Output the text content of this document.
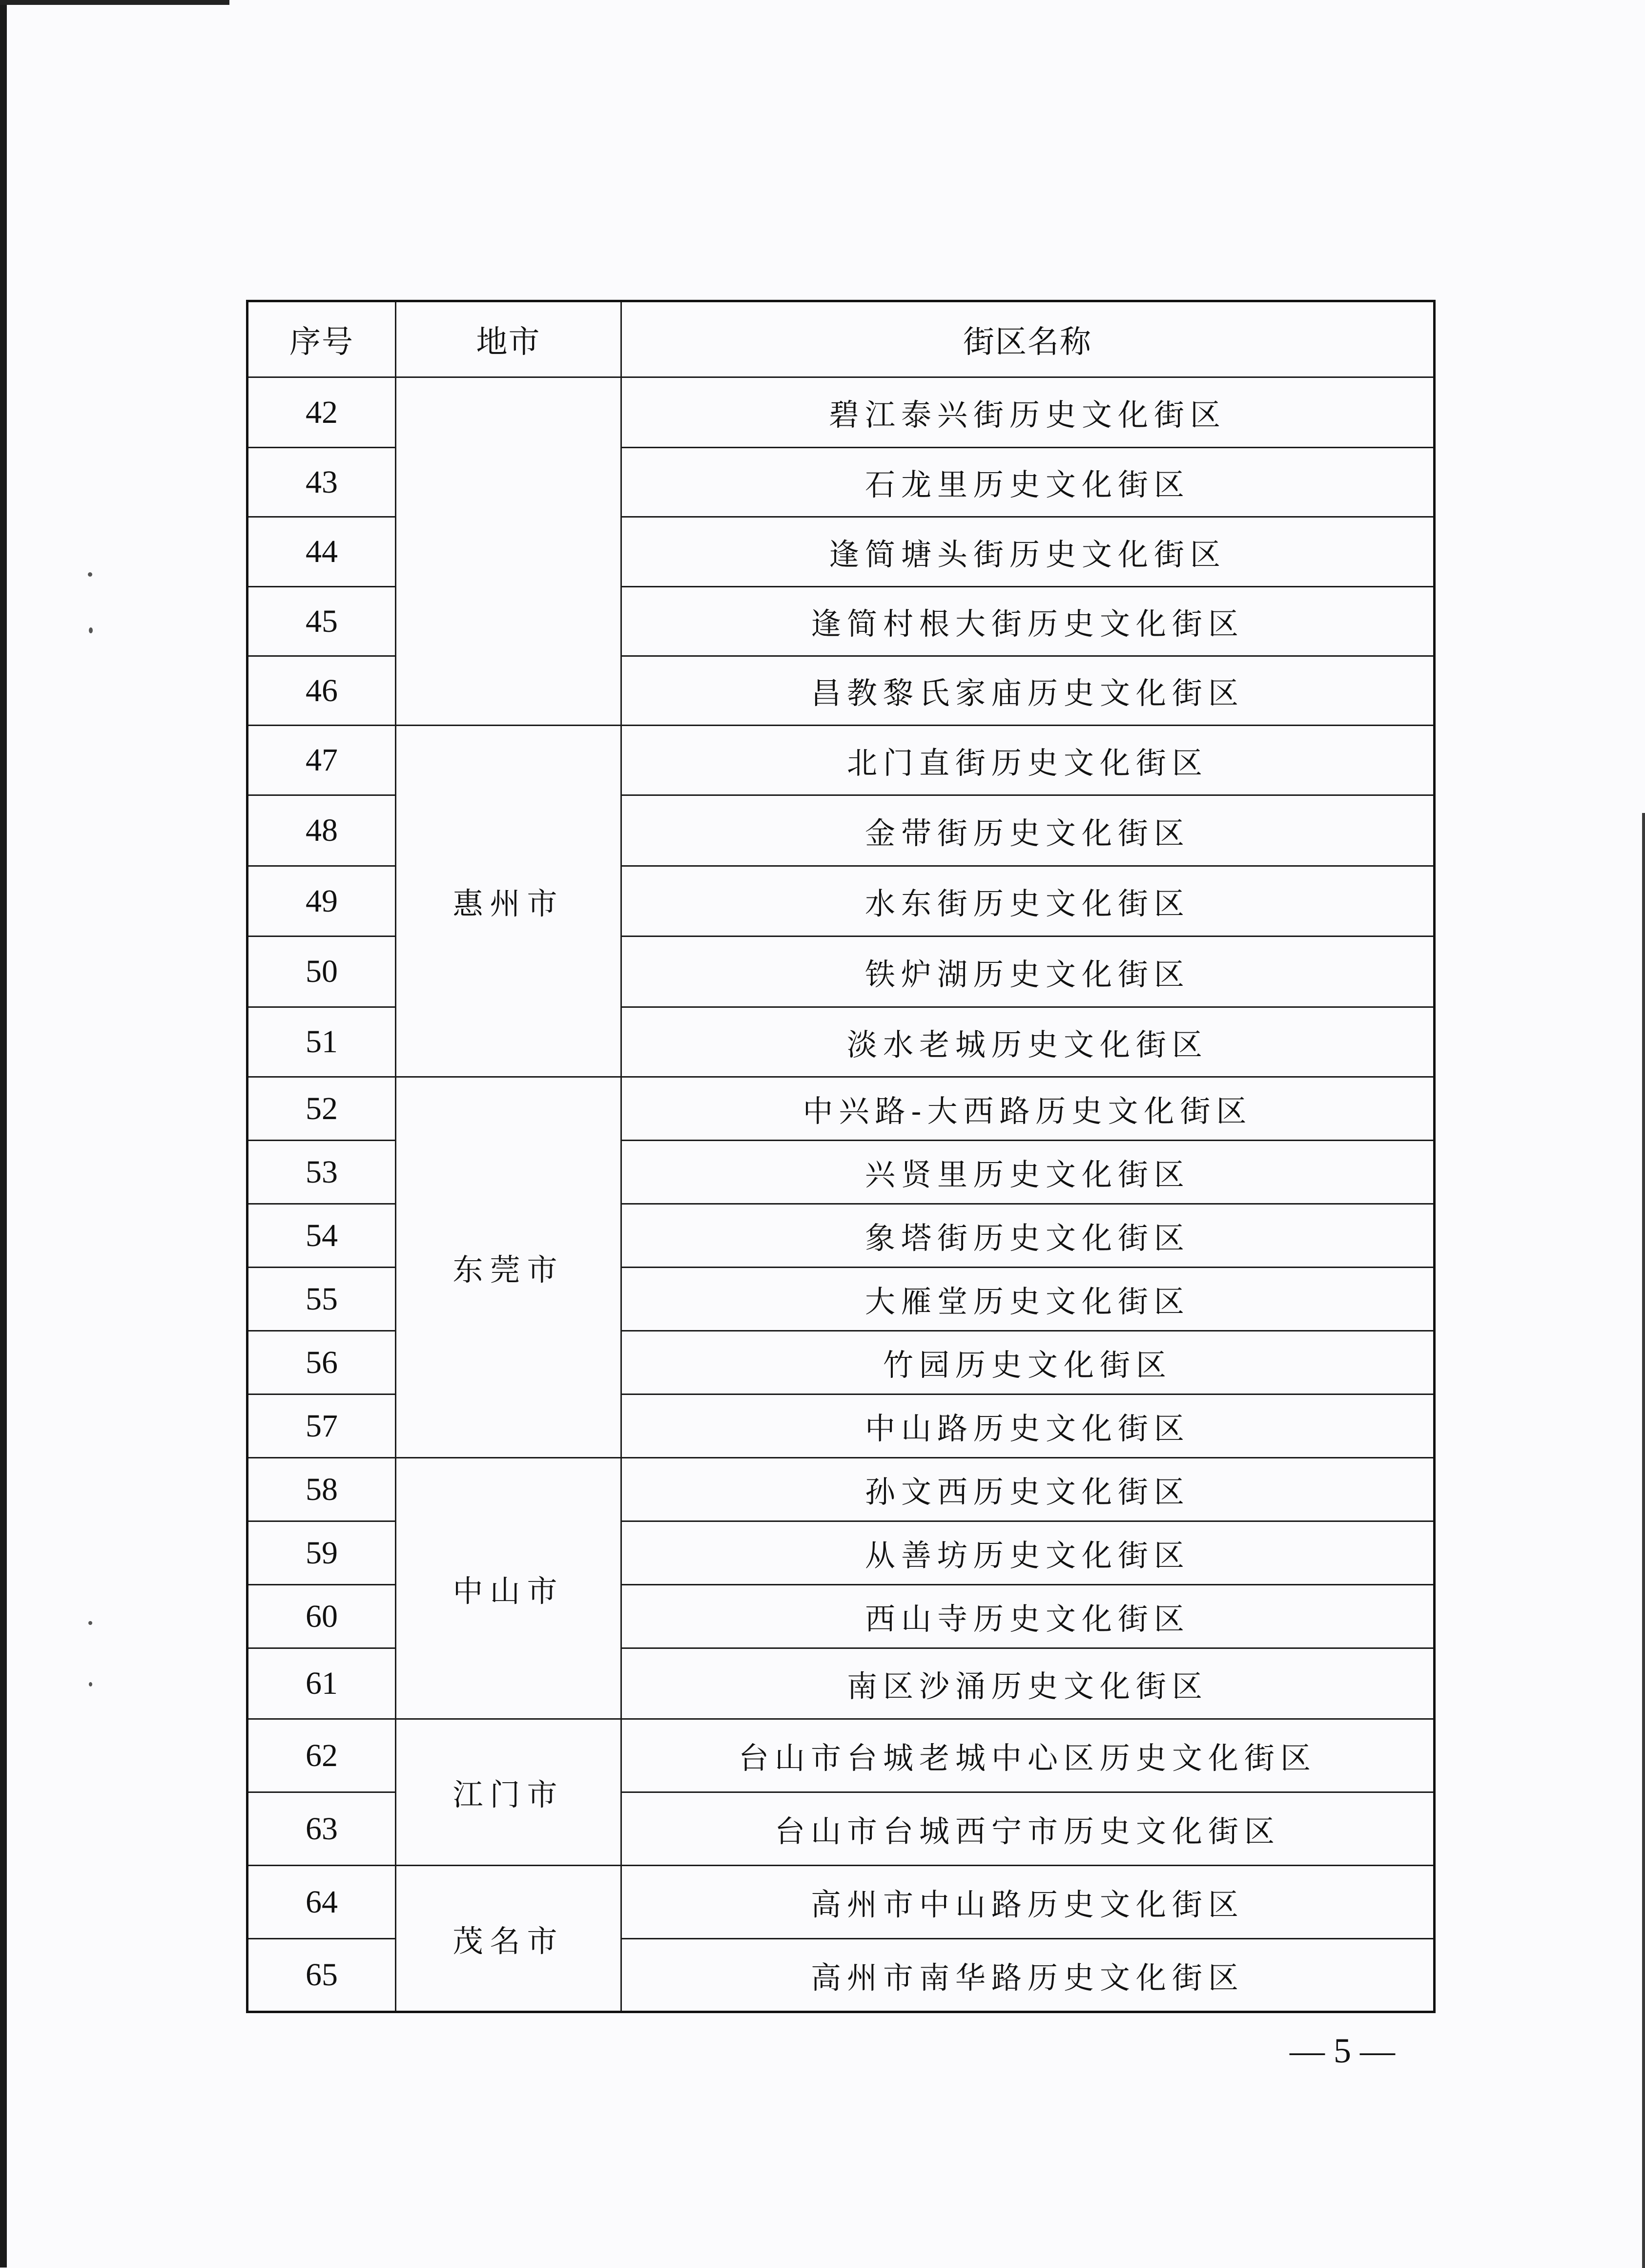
序号	地市	街区名称
42		碧江泰兴街历史文化街区
43		石龙里历史文化街区
44		逢简塘头街历史文化街区
45		逢简村根大街历史文化街区
46		昌教黎氏家庙历史文化街区
47	惠州市	北门直街历史文化街区
48		金带街历史文化街区
49		水东街历史文化街区
50		铁炉湖历史文化街区
51		淡水老城历史文化街区
52	东莞市	中兴路-大西路历史文化街区
53		兴贤里历史文化街区
54		象塔街历史文化街区
55		大雁堂历史文化街区
56		竹园历史文化街区
57		中山路历史文化街区
58	中山市	孙文西历史文化街区
59		从善坊历史文化街区
60		西山寺历史文化街区
61		南区沙涌历史文化街区
62	江门市	台山市台城老城中心区历史文化街区
63		台山市台城西宁市历史文化街区
64	茂名市	高州市中山路历史文化街区
65		高州市南华路历史文化街区
— 5 —
